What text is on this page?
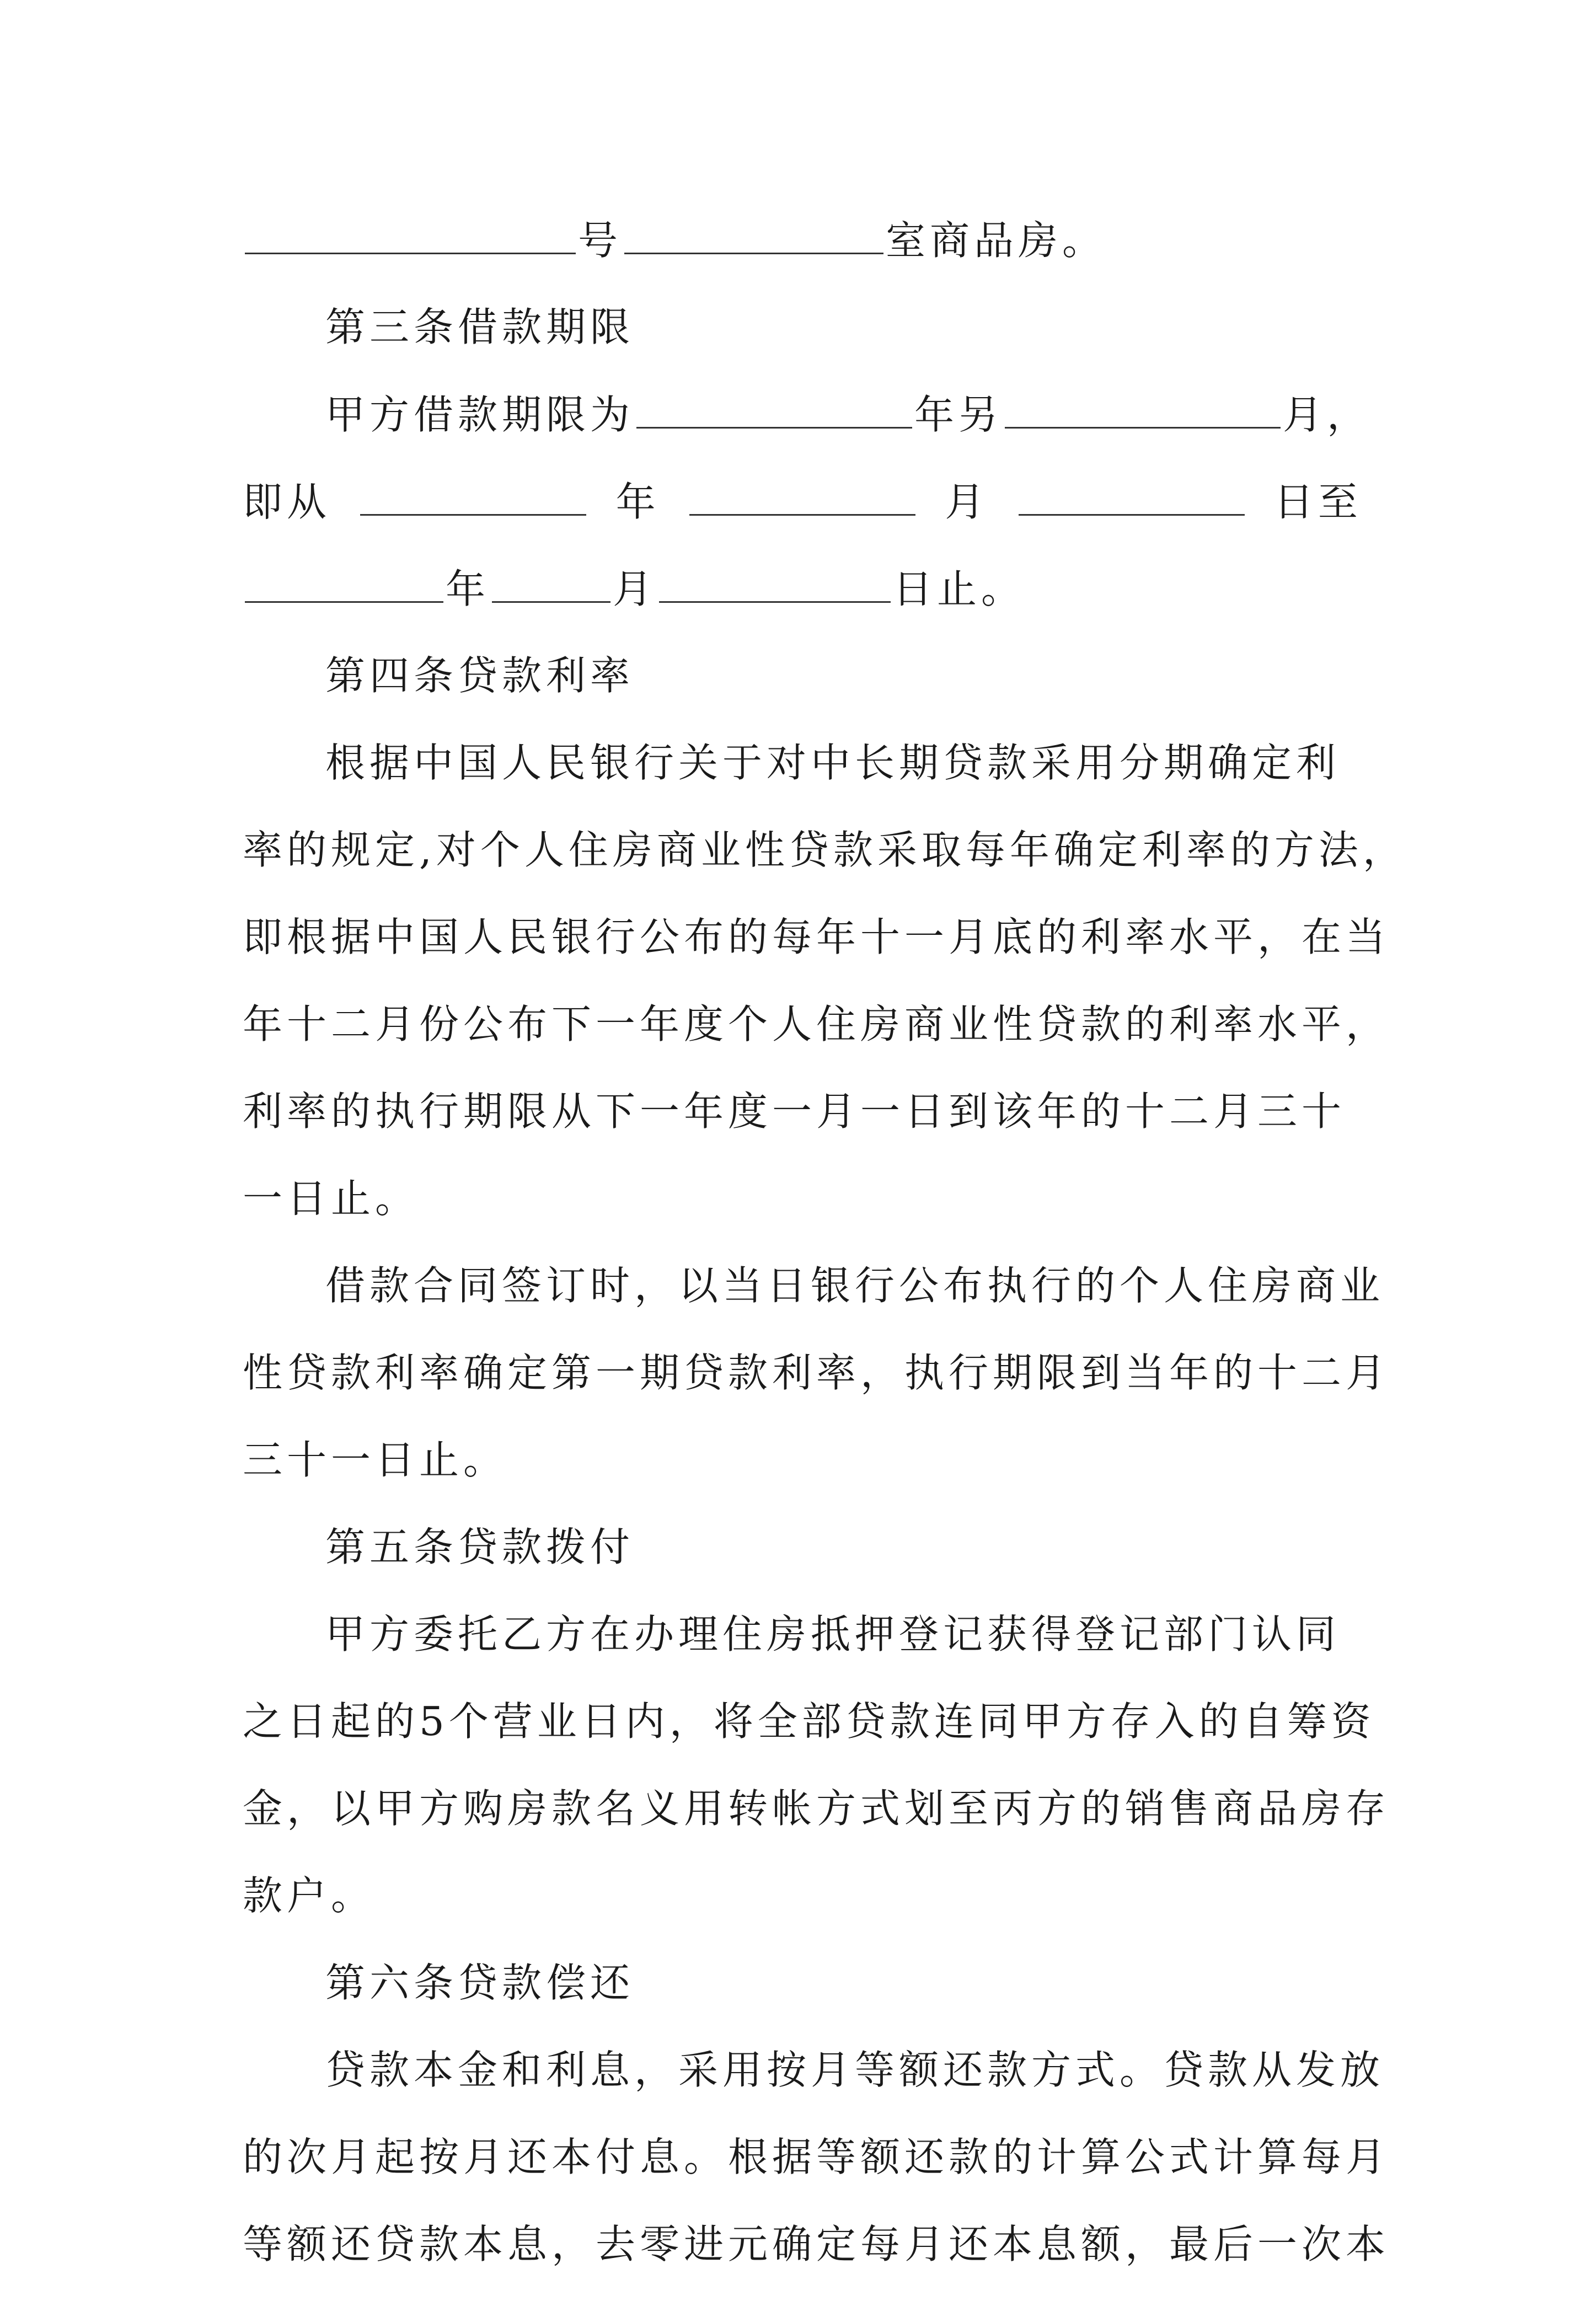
号	室商品房。
第三条借款期限
甲方借款期限为	年另	月，
即从	年	月	日至
年	月	日止。
第四条贷款利率
根据中国人民银行关于对中长期贷款采用分期确定利
率的规定,对个人住房商业性贷款采取每年确定利率的方法，
即根据中国人民银行公布的每年十一月底的利率水平，在当
年十二月份公布下一年度个人住房商业性贷款的利率水平，
利率的执行期限从下一年度一月一日到该年的十二月三十
一日止。
借款合同签订时，以当日银行公布执行的个人住房商业
性贷款利率确定第一期贷款利率，执行期限到当年的十二月
三十一日止。
第五条贷款拨付
甲方委托乙方在办理住房抵押登记获得登记部门认同
之日起的5个营业日内，将全部贷款连同甲方存入的自筹资
金，以甲方购房款名义用转帐方式划至丙方的销售商品房存
款户。
第六条贷款偿还
贷款本金和利息，采用按月等额还款方式。贷款从发放
的次月起按月还本付息。根据等额还款的计算公式计算每月
等额还贷款本息，去零进元确定每月还本息额，最后一次本
